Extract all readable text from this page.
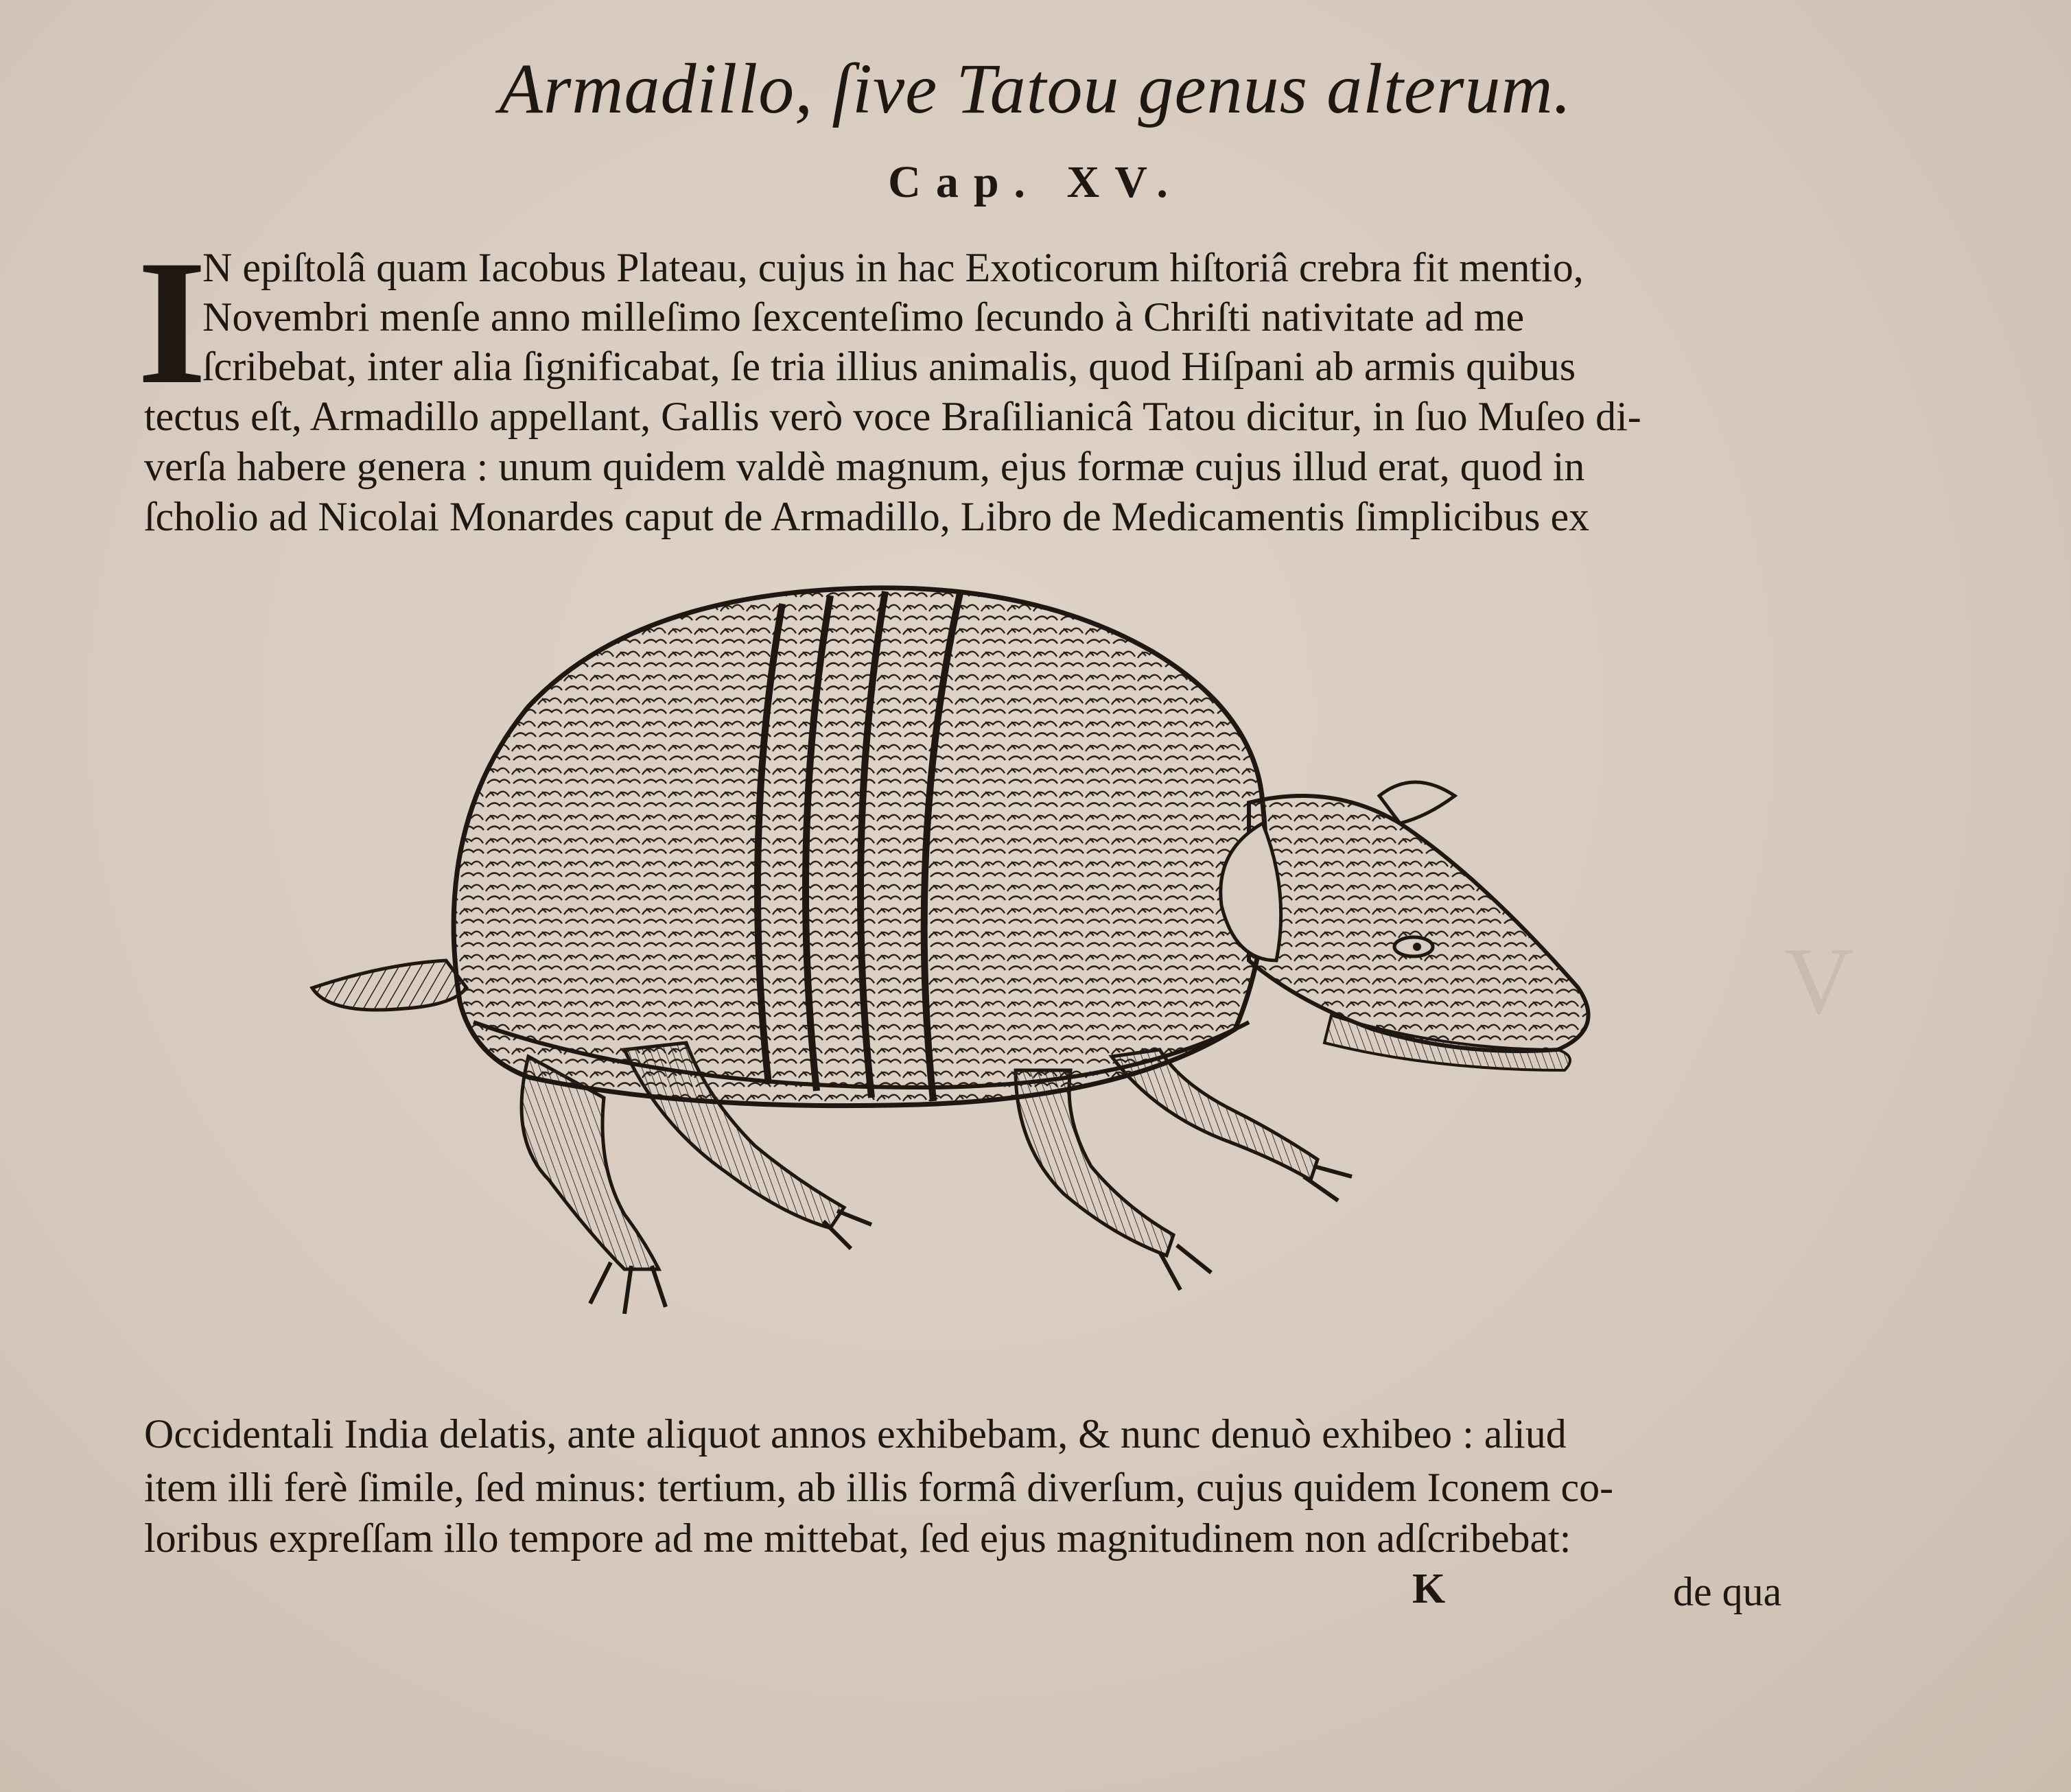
V
Armadillo, ſive Tatou genus alterum.
Cap. XV.
I
N epiſtolâ quam Iacobus Plateau, cujus in hac Exoticorum hiſtoriâ crebra fit mentio,
Novembri menſe anno milleſimo ſexcenteſimo ſecundo à Chriſti nativitate ad me
ſcribebat, inter alia ſignificabat, ſe tria illius animalis, quod Hiſpani ab armis quibus
tectus eſt, Armadillo appellant, Gallis verò voce Braſilianicâ Tatou dicitur, in ſuo Muſeo di-
verſa habere genera : unum quidem valdè magnum, ejus formæ cujus illud erat, quod in
ſcholio ad Nicolai Monardes caput de Armadillo, Libro de Medicamentis ſimplicibus ex
Occidentali India delatis, ante aliquot annos exhibebam, & nunc denuò exhibeo : aliud
item illi ferè ſimile, ſed minus: tertium, ab illis formâ diverſum, cujus quidem Iconem co-
loribus expreſſam illo tempore ad me mittebat, ſed ejus magnitudinem non adſcribebat:
K	de qua
